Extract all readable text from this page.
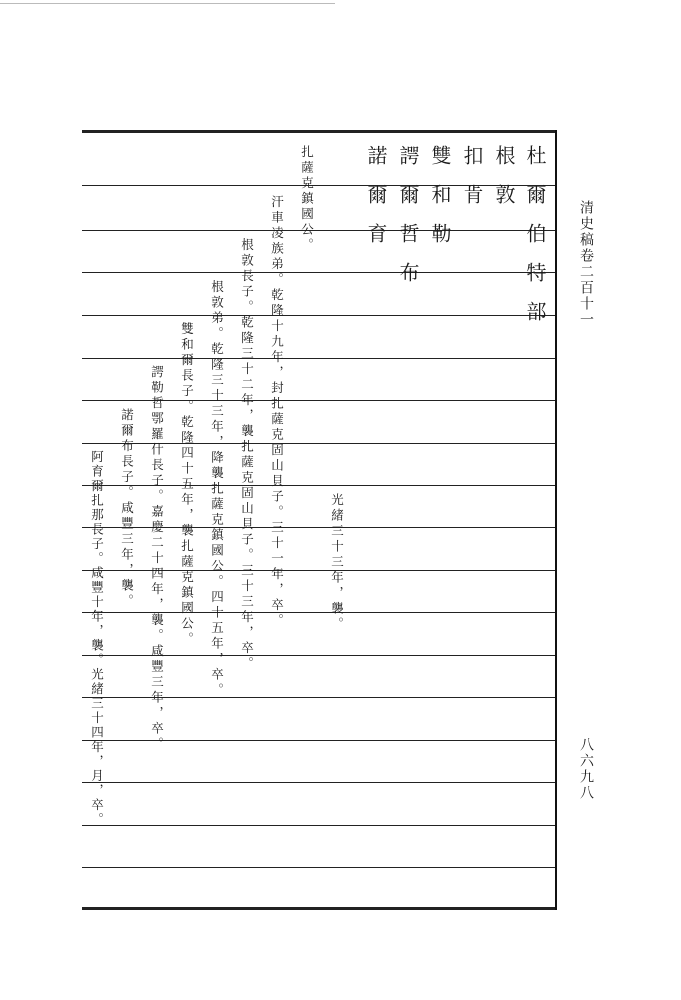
清史稿卷二百十一
八六九八
杜爾伯特部
根敦
扣肯
雙和勒
諤爾哲布
諾爾育
扎薩克鎮國公。
汗車凌族弟。乾隆十九年，封扎薩克固山貝子。三十一年，卒。
根敦長子。乾隆三十二年，襲扎薩克固山貝子。三十三年，卒。
根敦弟。乾隆三十三年，降襲扎薩克鎮國公。四十五年，卒。
雙和爾長子。乾隆四十五年，襲扎薩克鎮國公。
諤勒哲鄂羅什長子。嘉慶二十四年，襲。咸豐三年，卒。
諾爾布長子。咸豐三年，襲。
阿育爾扎那長子。咸豐十年，襲。光緒三十四年，月，卒。	光緒三十三年，襲。
